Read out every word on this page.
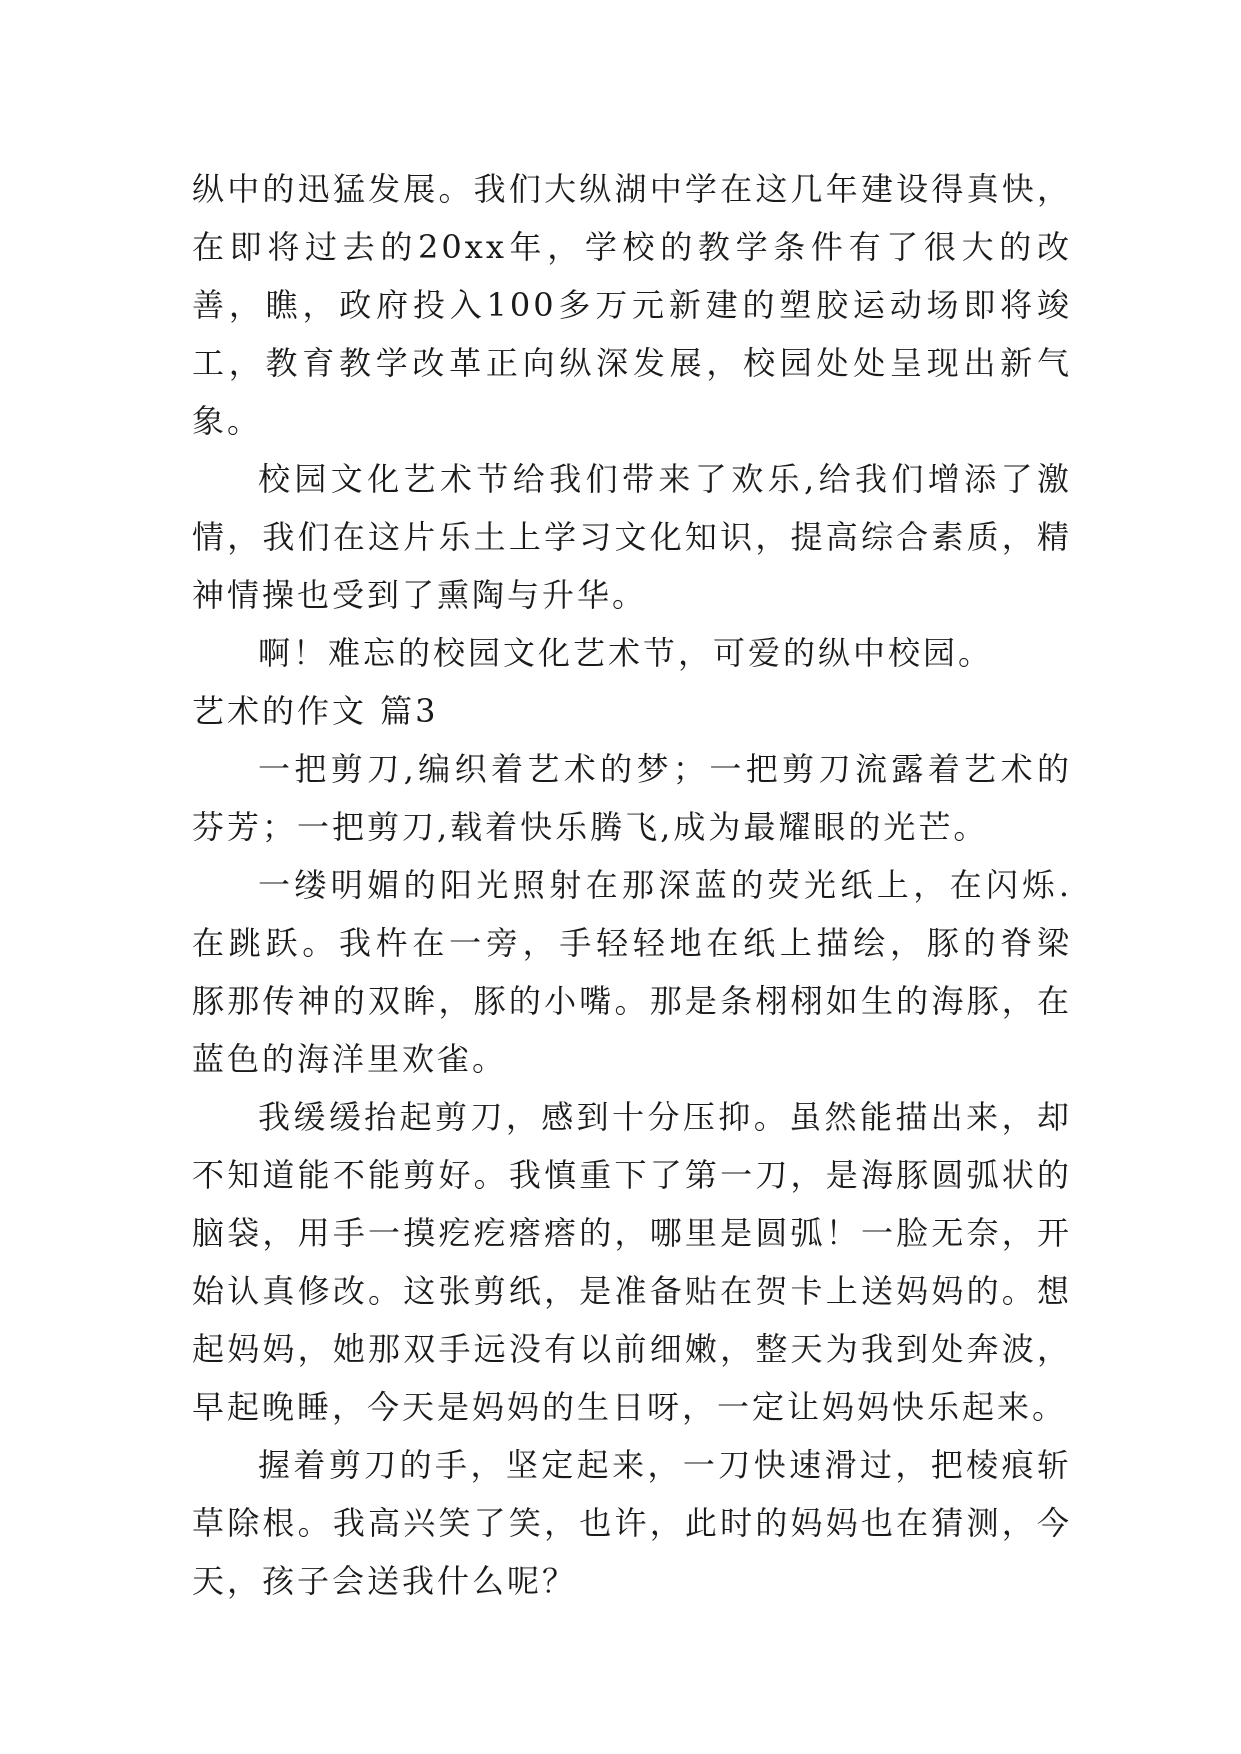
纵中的迅猛发展。我们大纵湖中学在这几年建设得真快，在即将过去的20xx年，学校的教学条件有了很大的改善，瞧，政府投入100多万元新建的塑胶运动场即将竣工，教育教学改革正向纵深发展，校园处处呈现出新气象。

校园文化艺术节给我们带来了欢乐,给我们增添了激情，我们在这片乐土上学习文化知识，提高综合素质，精神情操也受到了熏陶与升华。

啊！难忘的校园文化艺术节，可爱的纵中校园。

艺术的作文 篇3

一把剪刀,编织着艺术的梦；一把剪刀流露着艺术的芬芳；一把剪刀,载着快乐腾飞,成为最耀眼的光芒。

一缕明媚的阳光照射在那深蓝的荧光纸上，在闪烁.在跳跃。我杵在一旁，手轻轻地在纸上描绘，豚的脊梁 豚那传神的双眸，豚的小嘴。那是条栩栩如生的海豚，在蓝色的海洋里欢雀。

我缓缓抬起剪刀，感到十分压抑。虽然能描出来，却不知道能不能剪好。我慎重下了第一刀，是海豚圆弧状的脑袋，用手一摸疙疙瘩瘩的，哪里是圆弧！一脸无奈，开始认真修改。这张剪纸，是准备贴在贺卡上送妈妈的。想起妈妈，她那双手远没有以前细嫩，整天为我到处奔波，早起晚睡，今天是妈妈的生日呀，一定让妈妈快乐起来。

握着剪刀的手，坚定起来，一刀快速滑过，把棱痕斩草除根。我高兴笑了笑，也许，此时的妈妈也在猜测，今天，孩子会送我什么呢？
